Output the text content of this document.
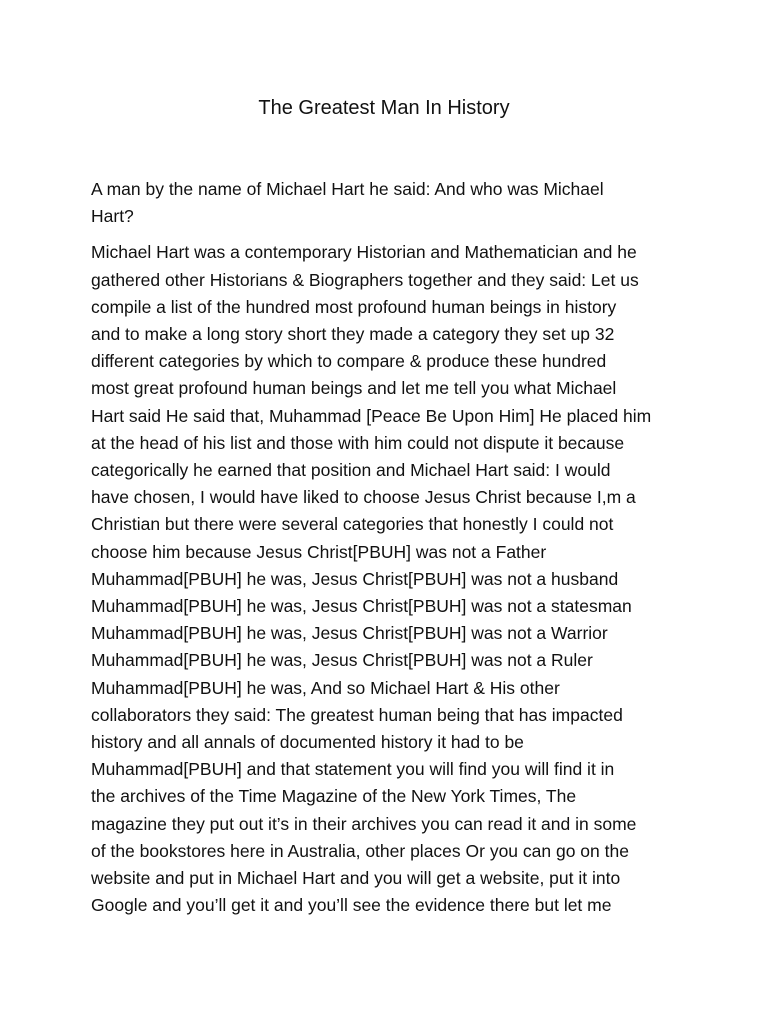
The Greatest Man In History

A man by the name of Michael Hart he said: And who was Michael
Hart?

Michael Hart was a contemporary Historian and Mathematician and he
gathered other Historians & Biographers together and they said: Let us
compile a list of the hundred most profound human beings in history
and to make a long story short they made a category they set up 32
different categories by which to compare & produce these hundred
most great profound human beings and let me tell you what Michael
Hart said He said that, Muhammad [Peace Be Upon Him] He placed him
at the head of his list and those with him could not dispute it because
categorically he earned that position and Michael Hart said: I would
have chosen, I would have liked to choose Jesus Christ because I,m a
Christian but there were several categories that honestly I could not
choose him because Jesus Christ[PBUH] was not a Father
Muhammad[PBUH] he was, Jesus Christ[PBUH] was not a husband
Muhammad[PBUH] he was, Jesus Christ[PBUH] was not a statesman
Muhammad[PBUH] he was, Jesus Christ[PBUH] was not a Warrior
Muhammad[PBUH] he was, Jesus Christ[PBUH] was not a Ruler
Muhammad[PBUH] he was, And so Michael Hart & His other
collaborators they said: The greatest human being that has impacted
history and all annals of documented history it had to be
Muhammad[PBUH] and that statement you will find you will find it in
the archives of the Time Magazine of the New York Times, The
magazine they put out it’s in their archives you can read it and in some
of the bookstores here in Australia, other places Or you can go on the
website and put in Michael Hart and you will get a website, put it into
Google and you’ll get it and you’ll see the evidence there but let me
